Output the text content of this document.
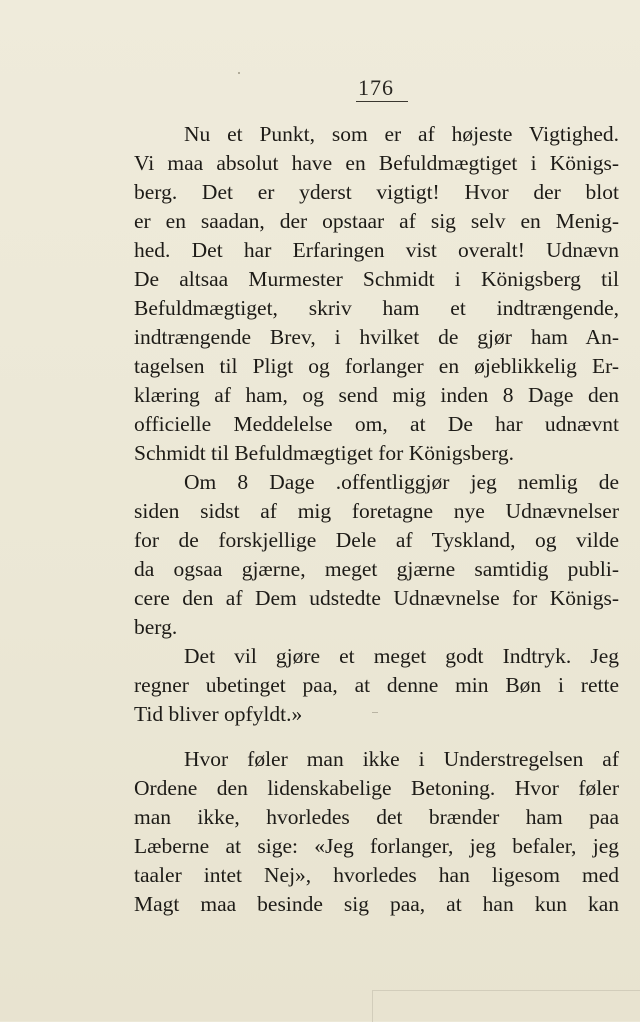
176
Nu et Punkt, som er af højeste Vigtighed.
Vi maa absolut have en Befuldmægtiget i Königs-
berg. Det er yderst vigtigt! Hvor der blot
er en saadan, der opstaar af sig selv en Menig-
hed. Det har Erfaringen vist overalt! Udnævn
De altsaa Murmester Schmidt i Königsberg til
Befuldmægtiget, skriv ham et indtrængende,
indtrængende Brev, i hvilket de gjør ham An-
tagelsen til Pligt og forlanger en øjeblikkelig Er-
klæring af ham, og send mig inden 8 Dage den
officielle Meddelelse om, at De har udnævnt
Schmidt til Befuldmægtiget for Königsberg.
Om 8 Dage .offentliggjør jeg nemlig de
siden sidst af mig foretagne nye Udnævnelser
for de forskjellige Dele af Tyskland, og vilde
da ogsaa gjærne, meget gjærne samtidig publi-
cere den af Dem udstedte Udnævnelse for Königs-
berg.
Det vil gjøre et meget godt Indtryk. Jeg
regner ubetinget paa, at denne min Bøn i rette
Tid bliver opfyldt.»
Hvor føler man ikke i Understregelsen af
Ordene den lidenskabelige Betoning. Hvor føler
man ikke, hvorledes det brænder ham paa
Læberne at sige: «Jeg forlanger, jeg befaler, jeg
taaler intet Nej», hvorledes han ligesom med
Magt maa besinde sig paa, at han kun kan
